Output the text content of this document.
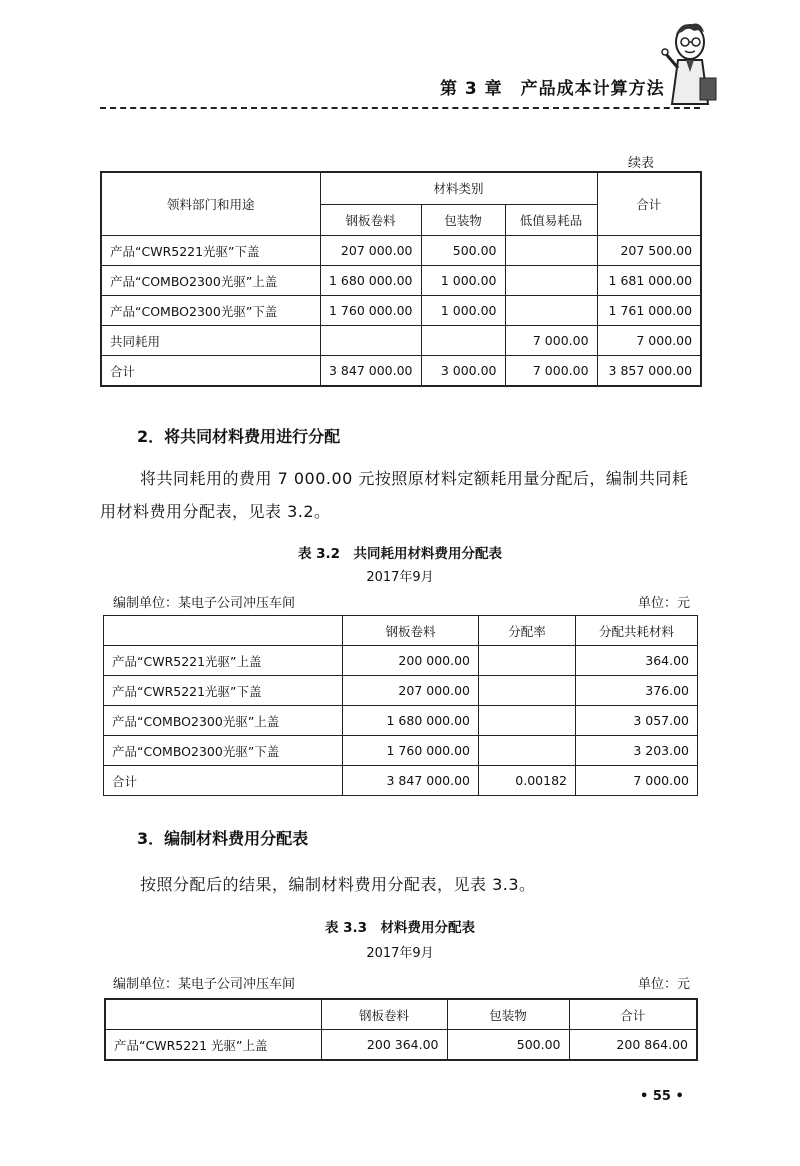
第 3 章　产品成本计算方法
续表
领料部门和用途	材料类别			合计
	钢板卷料	包装物	低值易耗品	
产品“CWR5221光驱”下盖	207 000.00	500.00		207 500.00
产品“COMBO2300光驱”上盖	1 680 000.00	1 000.00		1 681 000.00
产品“COMBO2300光驱”下盖	1 760 000.00	1 000.00		1 761 000.00
共同耗用			7 000.00	7 000.00
合计	3 847 000.00	3 000.00	7 000.00	3 857 000.00
2．将共同材料费用进行分配
将共同耗用的费用 7 000.00 元按照原材料定额耗用量分配后，编制共同耗用材料费用分配表，见表 3.2。
表 3.2　共同耗用材料费用分配表
2017年9月
编制单位：某电子公司冲压车间	单位：元
	钢板卷料	分配率	分配共耗材料
产品“CWR5221光驱”上盖	200 000.00		364.00
产品“CWR5221光驱”下盖	207 000.00		376.00
产品“COMBO2300光驱”上盖	1 680 000.00		3 057.00
产品“COMBO2300光驱”下盖	1 760 000.00		3 203.00
合计	3 847 000.00	0.00182	7 000.00
3．编制材料费用分配表
按照分配后的结果，编制材料费用分配表，见表 3.3。
表 3.3　材料费用分配表
2017年9月
编制单位：某电子公司冲压车间	单位：元
	钢板卷料	包装物	合计
产品“CWR5221 光驱”上盖	200 364.00	500.00	200 864.00
• 55 •
